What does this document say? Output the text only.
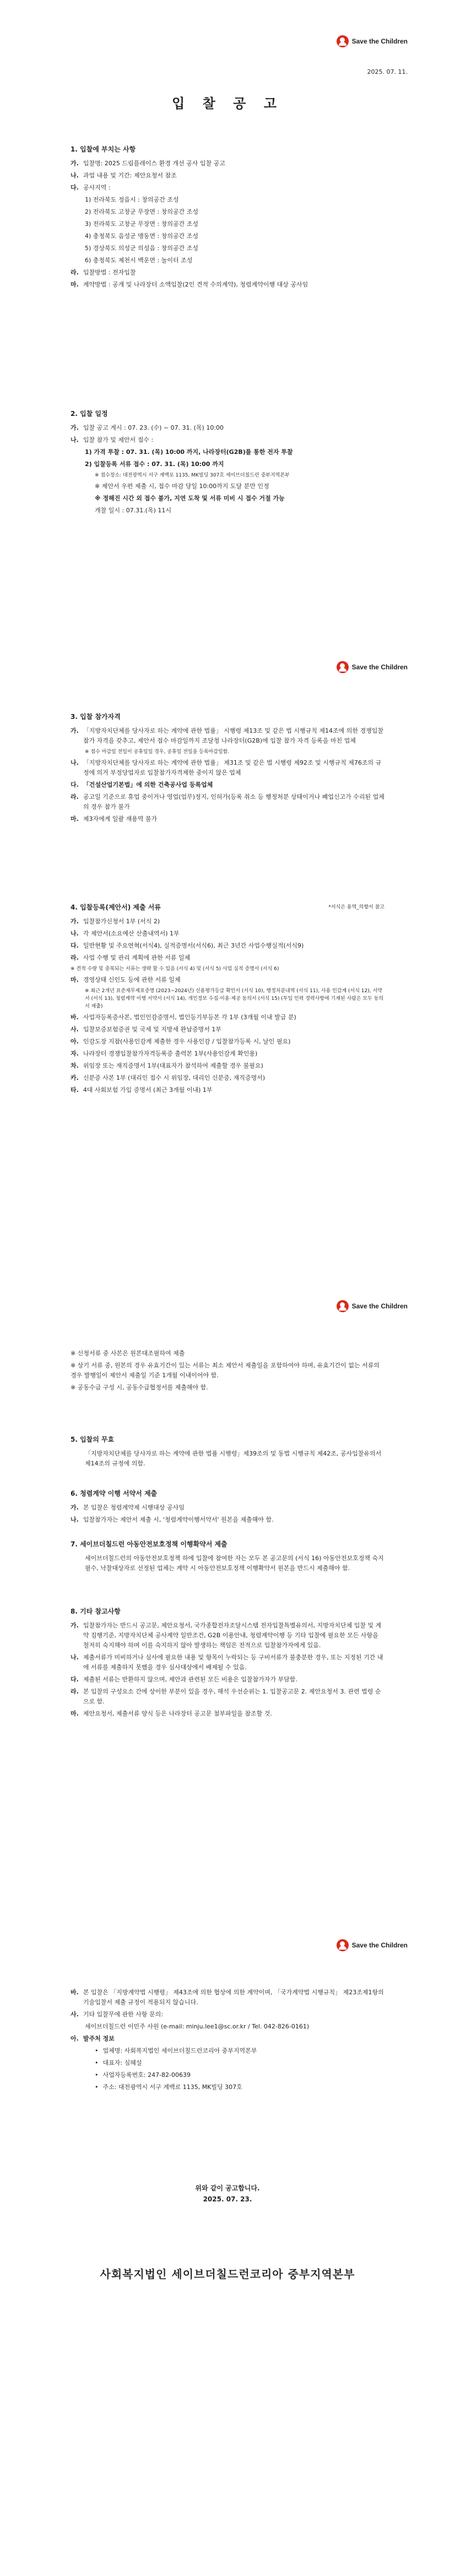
Save the Children
2025. 07. 11.
입 찰 공 고
1. 입찰에 부치는 사항
가. 입찰명: 2025 드림플레이스 환경 개선 공사 입찰 공고
나. 과업 내용 및 기간: 제안요청서 참조
다. 공사지역 :
1) 전라북도 정읍시 : 창의공간 조성
2) 전라북도 고창군 무장면 : 창의공간 조성
3) 전라북도 고창군 무장면 : 창의공간 조성
4) 충청북도 음성군 맹동면 : 창의공간 조성
5) 경상북도 의성군 의성읍 : 창의공간 조성
6) 충청북도 제천시 백운면 : 놀이터 조성
라. 입찰방법 : 전자입찰
마. 계약방법 : 공개 및 나라장터 소액입찰(2인 견적 수의계약), 청렴계약이행 대상 공사임
2. 입찰 일정
가. 입찰 공고 게시 : 07. 23. (수) ~ 07. 31. (목) 10:00
나. 입찰 참가 및 제안서 접수 :
1) 가격 투찰 : 07. 31. (목) 10:00 까지, 나라장터(G2B)를 통한 전자 투찰
2) 입찰등록 서류 접수 : 07. 31. (목) 10:00 까지
※ 접수장소: 대전광역시 서구 계백로 1135, MK빌딩 307호 세이브더칠드런 중부지역본부
※ 제안서 우편 제출 시, 접수 마감 당일 10:00까지 도달 분만 인정
※ 정해진 시간 외 접수 불가, 지연 도착 및 서류 미비 시 접수 거절 가능
개찰 일시 : 07.31.(목) 11시
Save the Children
3. 입찰 참가자격
가. 「지방자치단체를 당사자로 하는 계약에 관한 법률」 시행령 제13조 및 같은 법 시행규칙 제14조에 의한 경쟁입찰 참가 자격을 갖추고, 제안서 접수 마감일까지 조달청 나라장터(G2B)에 입찰 참가 자격 등록을 마친 업체
※ 접수 마감일 전일이 공휴일일 경우, 공휴일 전일을 등록마감일함.
나. 「지방자치단체를 당사자로 하는 계약에 관한 법률」 제31조 및 같은 법 시행령 제92조 및 시행규칙 제76조의 규정에 의거 부정당업자로 입찰참가자격제한 중이지 않은 업체
다. 「건설산업기본법」에 의한 건축공사업 등록업체
라. 공고일 기준으로 휴업 중이거나 영업(업무)정지, 인허가(등록 취소 등 행정처분 상태이거나 폐업신고가 수리된 업체의 경우 참가 불가
마. 제3자에게 일괄 재용역 불가
4. 입찰등록(제안서) 제출 서류	*서식은 용역_의향서 참고
가. 입찰참가신청서 1부 (서식 2)
나. 각 제안서(소요예산 산출내역서) 1부
다. 일반현황 및 주요연혁(서식4), 실적증명서(서식6), 최근 3년간 사업수행실적(서식9)
라. 사업 수행 및 관리 계획에 관한 서류 일체
※ 견적 수량 및 중복되는 서류는 생략 할 수 있음 (서식 4) 및 (서식 5) 사업 실적 증명서 (서식 6)
마. 경영상태 신인도 등에 관한 서류 일체
※ 최근 2개년 표준재무제표증명 (2023~2024년) 신용평가등급 확인서 (서식 10), 행정처분내역 (서식 11), 사용 인감계 (서식 12), 서약서 (서식 13), 청렴계약 이행 서약서 (서식 14), 개인정보 수집·이용·제공 동의서 (서식 15) (투입 인력 경력사항에 기재된 사람은 모두 동의서 제출)
바. 사업자등록증사본, 법인인감증명서, 법인등기부등본 각 1부 (3개월 이내 발급 분)
사. 입찰보증보험증권 및 국세 및 지방세 완납증명서 1부
아. 인감도장 지참(사용인감계 제출한 경우 사용인감 / 입찰참가등록 시, 날인 필요)
자. 나라장터 경쟁입찰참가자격등록증 출력본 1부(사용인감계 확인용)
차. 위임장 또는 재직증명서 1부(대표자가 참석하여 제출할 경우 불필요)
카. 신분증 사본 1부 (대리인 접수 시 위임장, 대리인 신분증, 재직증명서)
타. 4대 사회보험 가입 증명서 (최근 3개월 이내) 1부
Save the Children
※ 신청서류 중 사본은 원본대조필하여 제출
※ 상기 서류 중, 원본의 경우 유효기간이 있는 서류는 최소 제안서 제출일을 포함하여야 하며, 유효기간이 없는 서류의 경우 발행일이 제안서 제출일 기준 1개월 이내이어야 함.
※ 공동수급 구성 시, 공동수급협정서를 제출해야 함.
5. 입찰의 무효
「지방자치단체를 당사자로 하는 계약에 관한 법률 시행령」제39조의 및 동법 시행규칙 제42조, 공사입찰유의서 제14조의 규정에 의함.
6. 청렴계약 이행 서약서 제출
가. 본 입찰은 청렴계약제 시행대상 공사임
나. 입찰참가자는 제안서 제출 시, '청렴계약이행서약서' 원본을 제출해야 함.
7. 세이브더칠드런 아동안전보호정책 이행확약서 제출
세이브더칠드런의 아동안전보호정책 하에 입찰에 참여한 자는 모두 본 공고문의 (서식 16) 아동안전보호정책 숙지 필수, 낙찰대상자로 선정된 업체는 계약 시 아동안전보호정책 이행확약서 원본을 반드시 제출해야 함.
8. 기타 참고사항
가. 입찰참가자는 반드시 공고문, 제안요청서, 국가종합전자조달시스템 전자입찰특별유의서, 지방자치단체 입찰 및 계약 집행기준, 지방자치단체 공사계약 일반조건, G2B 이용안내, 청렴계약이행 등 기타 입찰에 필요한 모든 사항을 철저히 숙지해야 하며 이를 숙지하지 않아 발생하는 책임은 전적으로 입찰참가자에게 있음.
나. 제출서류가 미비하거나 심사에 필요한 내용 및 항목이 누락되는 등 구비서류가 불충분한 경우, 또는 지정된 기간 내에 서류를 제출하지 못했을 경우 심사대상에서 배제될 수 있음.
다. 제출된 서류는 반환하지 않으며, 제안과 관련된 모든 비용은 입찰참가자가 부담함.
라. 본 입찰의 구성요소 간에 상이한 부분이 있을 경우, 해석 우선순위는 1. 입찰공고문 2. 제안요청서 3. 관련 법령 순으로 함.
마. 제안요청서, 제출서류 양식 등은 나라장터 공고문 첨부파일을 참조할 것.
Save the Children
바. 본 입찰은 「지방계약법 시행령」 제43조에 의한 협상에 의한 계약이며, 「국가계약법 시행규칙」 제23조제1항의 기술입찰서 제출 규정이 적용되지 않습니다.
사. 기타 입찰무에 관한 사항 문의:
세이브더칠드런 이민주 사원 (e-mail: minju.lee1@sc.or.kr / Tel. 042-826-0161)
아. 발주처 정보
• 업체명: 사회복지법인 세이브더칠드런코리아 중부지역본부
• 대표자: 심혜설
• 사업자등록번호: 247-82-00639
• 주소: 대전광역시 서구 계백로 1135, MK빌딩 307호
위와 같이 공고합니다.
2025. 07. 23.
사회복지법인 세이브더칠드런코리아 중부지역본부
